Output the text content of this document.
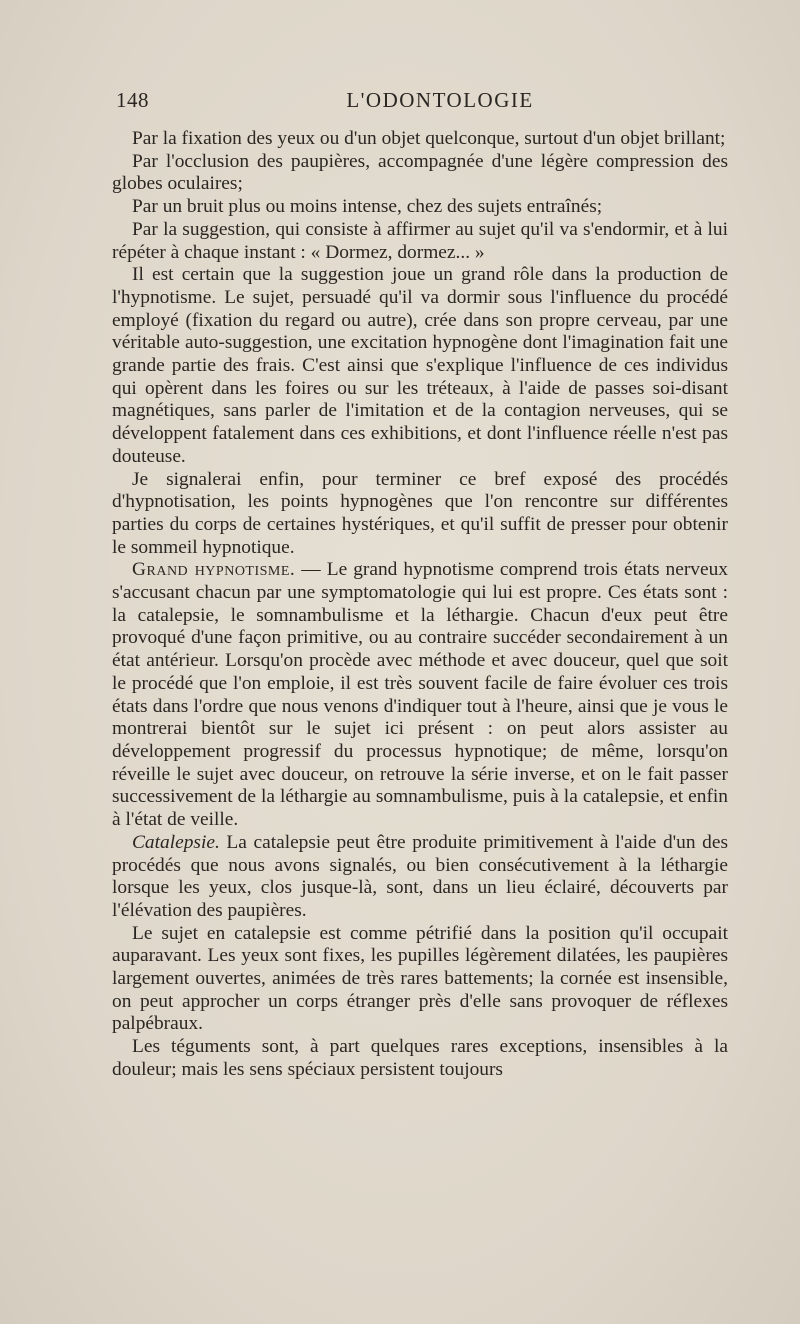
148	L'ODONTOLOGIE

Par la fixation des yeux ou d'un objet quelconque, surtout d'un objet brillant;

Par l'occlusion des paupières, accompagnée d'une légère compression des globes oculaires;

Par un bruit plus ou moins intense, chez des sujets entraînés;

Par la suggestion, qui consiste à affirmer au sujet qu'il va s'endormir, et à lui répéter à chaque instant : « Dormez, dormez... »

Il est certain que la suggestion joue un grand rôle dans la production de l'hypnotisme. Le sujet, persuadé qu'il va dormir sous l'influence du procédé employé (fixation du regard ou autre), crée dans son propre cerveau, par une véritable auto-suggestion, une excitation hypnogène dont l'imagination fait une grande partie des frais. C'est ainsi que s'explique l'influence de ces individus qui opèrent dans les foires ou sur les tréteaux, à l'aide de passes soi-disant magnétiques, sans parler de l'imitation et de la contagion nerveuses, qui se développent fatalement dans ces exhibitions, et dont l'influence réelle n'est pas douteuse.

Je signalerai enfin, pour terminer ce bref exposé des procédés d'hypnotisation, les points hypnogènes que l'on rencontre sur différentes parties du corps de certaines hystériques, et qu'il suffit de presser pour obtenir le sommeil hypnotique.

Grand hypnotisme. — Le grand hypnotisme comprend trois états nerveux s'accusant chacun par une symptomatologie qui lui est propre. Ces états sont : la catalepsie, le somnambulisme et la léthargie. Chacun d'eux peut être provoqué d'une façon primitive, ou au contraire succéder secondairement à un état antérieur. Lorsqu'on procède avec méthode et avec douceur, quel que soit le procédé que l'on emploie, il est très souvent facile de faire évoluer ces trois états dans l'ordre que nous venons d'indiquer tout à l'heure, ainsi que je vous le montrerai bientôt sur le sujet ici présent : on peut alors assister au développement progressif du processus hypnotique; de même, lorsqu'on réveille le sujet avec douceur, on retrouve la série inverse, et on le fait passer successivement de la léthargie au somnambulisme, puis à la catalepsie, et enfin à l'état de veille.

Catalepsie. La catalepsie peut être produite primitivement à l'aide d'un des procédés que nous avons signalés, ou bien consécutivement à la léthargie lorsque les yeux, clos jusque-là, sont, dans un lieu éclairé, découverts par l'élévation des paupières.

Le sujet en catalepsie est comme pétrifié dans la position qu'il occupait auparavant. Les yeux sont fixes, les pupilles légèrement dilatées, les paupières largement ouvertes, animées de très rares battements; la cornée est insensible, on peut approcher un corps étranger près d'elle sans provoquer de réflexes palpébraux.

Les téguments sont, à part quelques rares exceptions, insensibles à la douleur; mais les sens spéciaux persistent toujours
